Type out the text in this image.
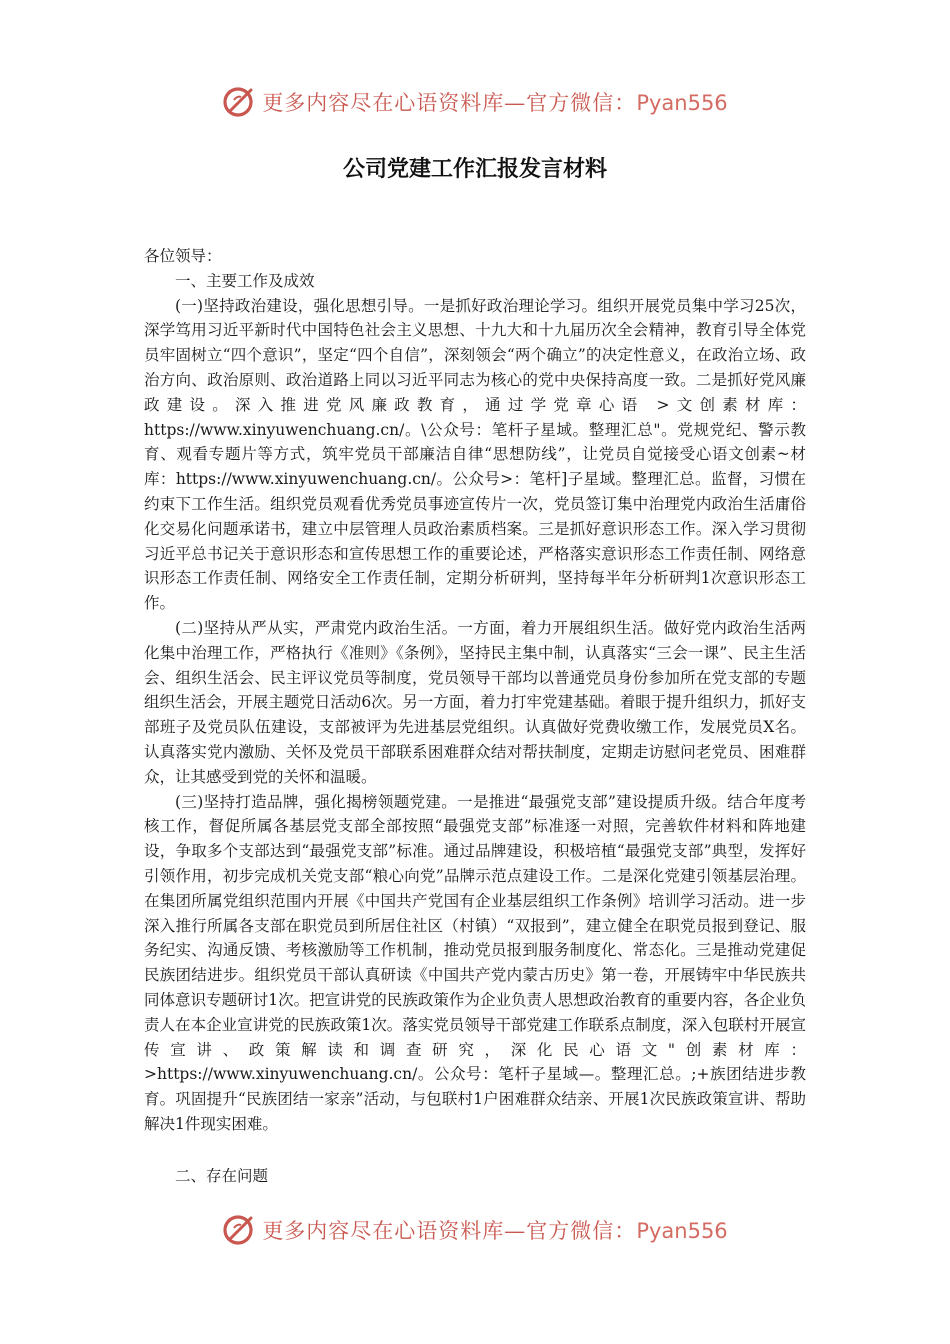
更多内容尽在心语资料库—官方微信：Pyan556
公司党建工作汇报发言材料

各位领导：

一、主要工作及成效

(一)坚持政治建设，强化思想引导。一是抓好政治理论学习。组织开展党员集中学习25次，深学笃用习近平新时代中国特色社会主义思想、十九大和十九届历次全会精神，教育引导全体党员牢固树立“四个意识”，坚定“四个自信”，深刻领会“两个确立”的决定性意义，在政治立场、政治方向、政治原则、政治道路上同以习近平同志为核心的党中央保持高度一致。二是抓好党风廉政建设。深入推进党风廉政教育，通过学党章心语 >文创素材库：https://www.xinyuwenchuang.cn/。\公众号：笔杆子星域。整理汇总"。党规党纪、警示教育、观看专题片等方式，筑牢党员干部廉洁自律“思想防线”，让党员自觉接受心语文创素~材库：https://www.xinyuwenchuang.cn/。公众号>：笔杆]子星域。整理汇总。监督，习惯在约束下工作生活。组织党员观看优秀党员事迹宣传片一次，党员签订集中治理党内政治生活庸俗化交易化问题承诺书，建立中层管理人员政治素质档案。三是抓好意识形态工作。深入学习贯彻习近平总书记关于意识形态和宣传思想工作的重要论述，严格落实意识形态工作责任制、网络意识形态工作责任制、网络安全工作责任制，定期分析研判，坚持每半年分析研判1次意识形态工作。

(二)坚持从严从实，严肃党内政治生活。一方面，着力开展组织生活。做好党内政治生活两化集中治理工作，严格执行《准则》《条例》，坚持民主集中制，认真落实“三会一课”、民主生活会、组织生活会、民主评议党员等制度，党员领导干部均以普通党员身份参加所在党支部的专题组织生活会，开展主题党日活动6次。另一方面，着力打牢党建基础。着眼于提升组织力，抓好支部班子及党员队伍建设，支部被评为先进基层党组织。认真做好党费收缴工作，发展党员X名。认真落实党内激励、关怀及党员干部联系困难群众结对帮扶制度，定期走访慰问老党员、困难群众，让其感受到党的关怀和温暖。

(三)坚持打造品牌，强化揭榜领题党建。一是推进“最强党支部”建设提质升级。结合年度考核工作，督促所属各基层党支部全部按照“最强党支部”标准逐一对照，完善软件材料和阵地建设，争取多个支部达到“最强党支部”标准。通过品牌建设，积极培植“最强党支部”典型，发挥好引领作用，初步完成机关党支部“粮心向党”品牌示范点建设工作。二是深化党建引领基层治理。在集团所属党组织范围内开展《中国共产党国有企业基层组织工作条例》培训学习活动。进一步深入推行所属各支部在职党员到所居住社区（村镇）“双报到”，建立健全在职党员报到登记、服务纪实、沟通反馈、考核激励等工作机制，推动党员报到服务制度化、常态化。三是推动党建促民族团结进步。组织党员干部认真研读《中国共产党内蒙古历史》第一卷，开展铸牢中华民族共同体意识专题研讨1次。把宣讲党的民族政策作为企业负责人思想政治教育的重要内容，各企业负责人在本企业宣讲党的民族政策1次。落实党员领导干部党建工作联系点制度，深入包联村开展宣传宣讲、政策解读和调查研究，深化民心语文"创素材库：>https://www.xinyuwenchuang.cn/。公众号：笔杆子星域—。整理汇总。;+族团结进步教育。巩固提升“民族团结一家亲”活动，与包联村1户困难群众结亲、开展1次民族政策宣讲、帮助解决1件现实困难。

二、存在问题
更多内容尽在心语资料库—官方微信：Pyan556
